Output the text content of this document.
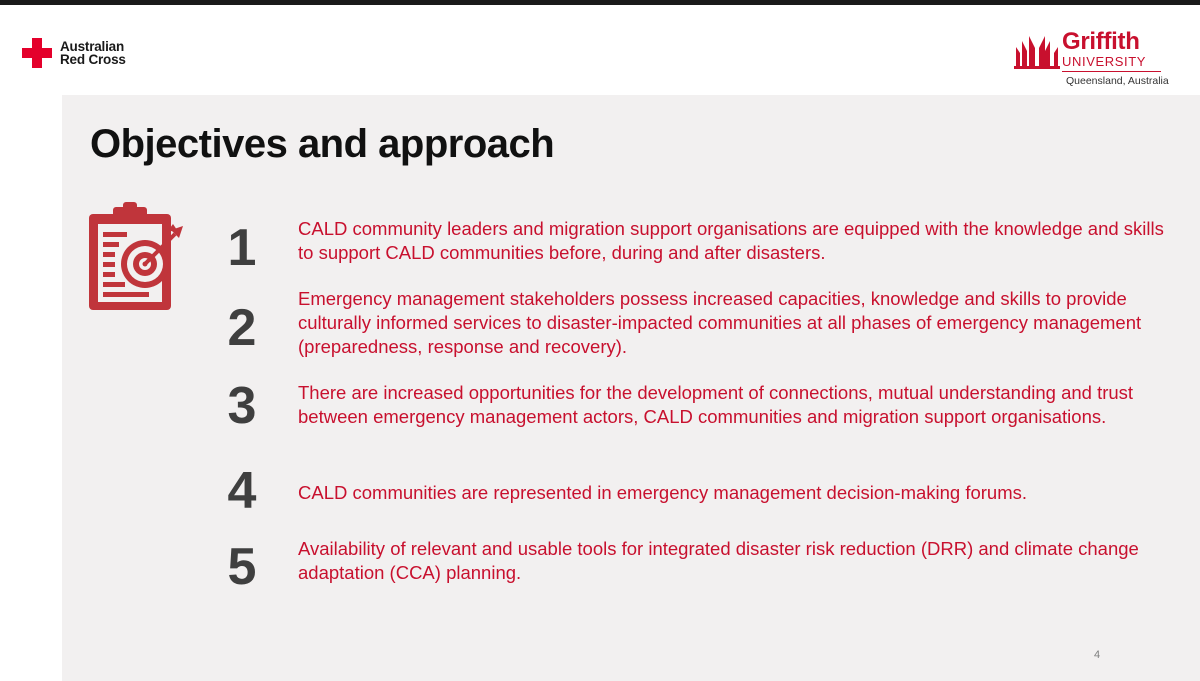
Australian
Red Cross
Griffith
UNIVERSITY
Queensland, Australia
Objectives and approach
1 CALD community leaders and migration support organisations are equipped with the knowledge and skills to support CALD communities before, during and after disasters.
2
Emergency management stakeholders possess increased capacities, knowledge and skills to provide culturally informed services to disaster-impacted communities at all phases of emergency management (preparedness, response and recovery).
3 There are increased opportunities for the development of connections, mutual understanding and trust between emergency management actors, CALD communities and migration support organisations.
4 CALD communities are represented in emergency management decision-making forums.
5 Availability of relevant and usable tools for integrated disaster risk reduction (DRR) and climate change adaptation (CCA) planning.
4
